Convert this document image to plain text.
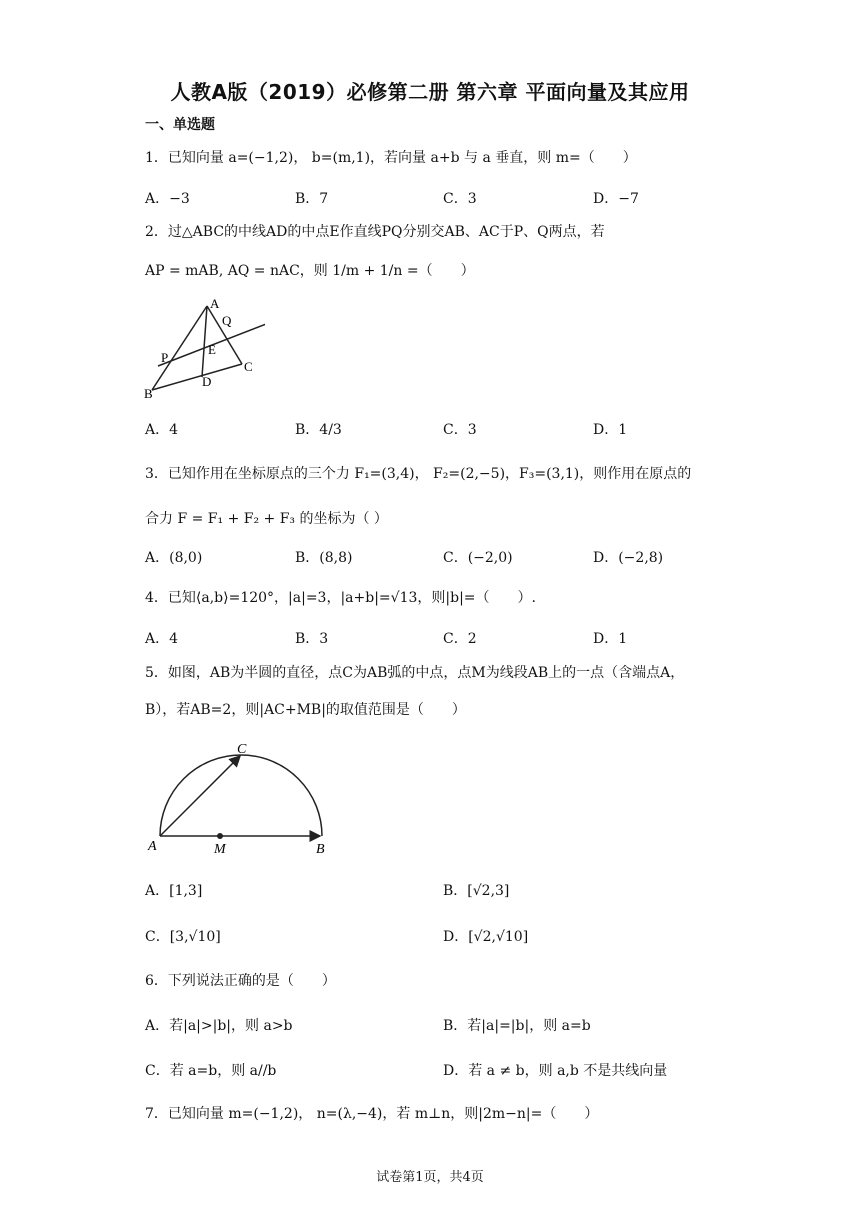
人教A版（2019）必修第二册 第六章 平面向量及其应用
一、单选题
1．已知向量 a=(−1,2)， b=(m,1)，若向量 a+b 与 a 垂直，则 m=（　　）
A．−3	B．7	C．3	D．−7
2．过△ABC的中线AD的中点E作直线PQ分别交AB、AC于P、Q两点，若
AP = mAB, AQ = nAC，则 1/m + 1/n =（　　）
A
Q
E
P
B
D
C
A．4	B．4/3	C．3	D．1
3．已知作用在坐标原点的三个力 F₁=(3,4)， F₂=(2,−5)，F₃=(3,1)，则作用在原点的
合力 F = F₁ + F₂ + F₃ 的坐标为（ ）
A．(8,0)	B．(8,8)	C．(−2,0)	D．(−2,8)
4．已知⟨a,b⟩=120°，|a|=3，|a+b|=√13，则|b|=（　　）.
A．4	B．3	C．2	D．1
5．如图，AB为半圆的直径，点C为AB弧的中点，点M为线段AB上的一点（含端点A，
B），若AB=2，则|AC+MB|的取值范围是（　　）
C
A	M	B
A．[1,3]	B．[√2,3]
C．[3,√10]	D．[√2,√10]
6．下列说法正确的是（　　）
A．若|a|>|b|，则 a>b	B．若|a|=|b|，则 a=b
C．若 a=b，则 a//b	D．若 a ≠ b，则 a,b 不是共线向量
7．已知向量 m=(−1,2)， n=(λ,−4)，若 m⊥n，则|2m−n|=（　　）
试卷第1页，共4页
